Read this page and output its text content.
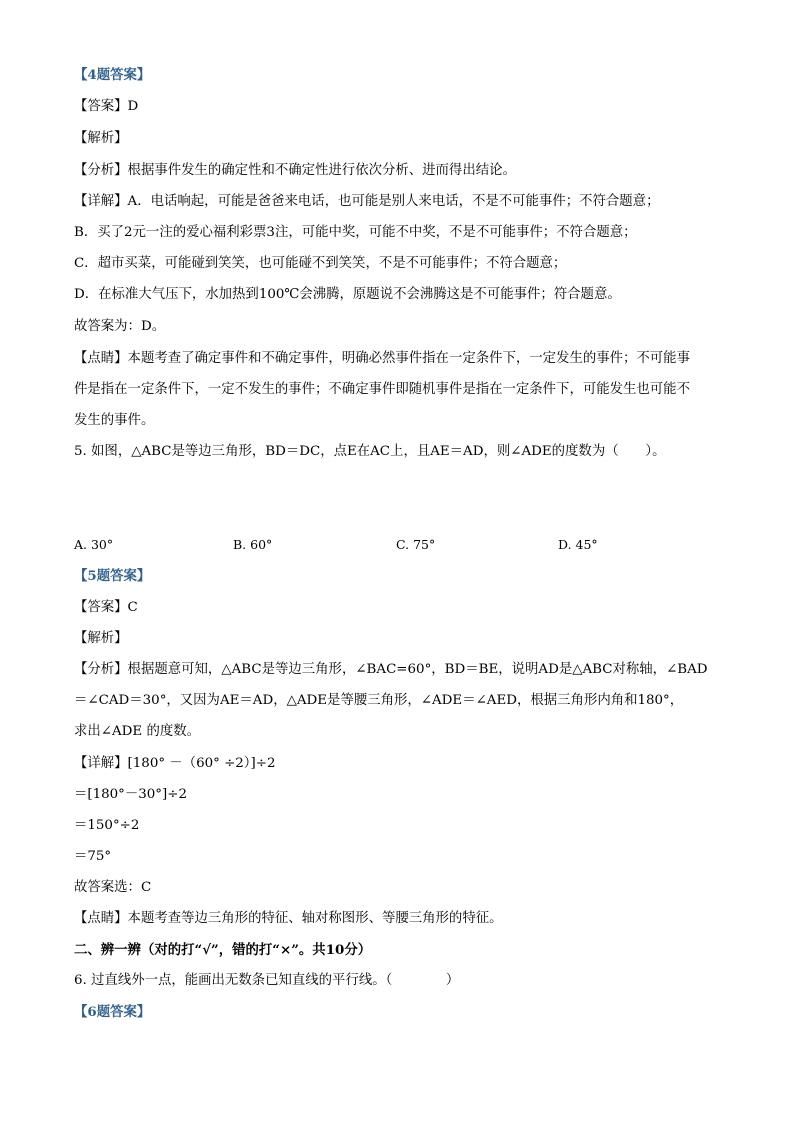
【4题答案】
【答案】D
【解析】
【分析】根据事件发生的确定性和不确定性进行依次分析、进而得出结论。
【详解】A．电话响起，可能是爸爸来电话，也可能是别人来电话，不是不可能事件；不符合题意；
B．买了2元一注的爱心福利彩票3注，可能中奖，可能不中奖，不是不可能事件；不符合题意；
C．超市买菜，可能碰到笑笑，也可能碰不到笑笑，不是不可能事件；不符合题意；
D．在标准大气压下，水加热到100℃会沸腾，原题说不会沸腾这是不可能事件；符合题意。
故答案为：D。
【点睛】本题考查了确定事件和不确定事件，明确必然事件指在一定条件下，一定发生的事件；不可能事
件是指在一定条件下，一定不发生的事件；不确定事件即随机事件是指在一定条件下，可能发生也可能不
发生的事件。
5. 如图，△ABC是等边三角形，BD＝DC，点E在AC上，且AE＝AD，则∠ADE的度数为（　　）。
A. 30°	B. 60°	C. 75°	D. 45°
【5题答案】
【答案】C
【解析】
【分析】根据题意可知，△ABC是等边三角形，∠BAC=60°，BD＝BE，说明AD是△ABC对称轴，∠BAD
＝∠CAD＝30°，又因为AE＝AD，△ADE是等腰三角形，∠ADE＝∠AED，根据三角形内角和180°，
求出∠ADE 的度数。
【详解】[180° －（60° ÷2）]÷2
＝[180°－30°]÷2
＝150°÷2
＝75°
故答案选：C
【点睛】本题考查等边三角形的特征、轴对称图形、等腰三角形的特征。
二、辨一辨（对的打“√”，错的打“×”。共10分）
6. 过直线外一点，能画出无数条已知直线的平行线。（　　　　）
【6题答案】
